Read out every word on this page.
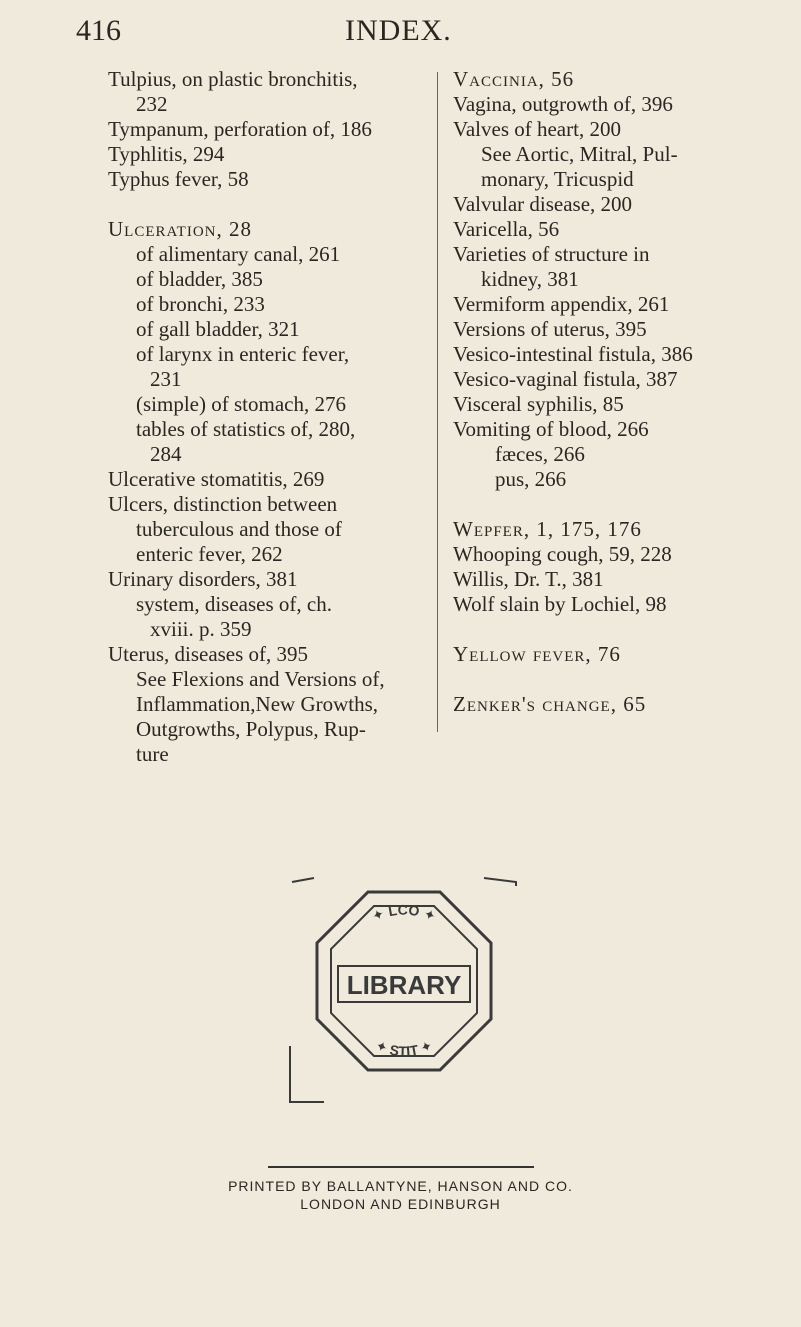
416	INDEX.
Tulpius, on plastic bronchitis,
232
Tympanum, perforation of, 186
Typhlitis, 294
Typhus fever, 58
Ulceration, 28
of alimentary canal, 261
of bladder, 385
of bronchi, 233
of gall bladder, 321
of larynx in enteric fever,
231
(simple) of stomach, 276
tables of statistics of, 280,
284
Ulcerative stomatitis, 269
Ulcers, distinction between
tuberculous and those of
enteric fever, 262
Urinary disorders, 381
system, diseases of, ch.
xviii. p. 359
Uterus, diseases of, 395
See Flexions and Versions of,
Inflammation,New Growths,
Outgrowths, Polypus, Rup-
ture
Vaccinia, 56
Vagina, outgrowth of, 396
Valves of heart, 200
See Aortic, Mitral, Pul-
monary, Tricuspid
Valvular disease, 200
Varicella, 56
Varieties of structure in
kidney, 381
Vermiform appendix, 261
Versions of uterus, 395
Vesico-intestinal fistula, 386
Vesico-vaginal fistula, 387
Visceral syphilis, 85
Vomiting of blood, 266
fæces, 266
pus, 266
Wepfer, 1, 175, 176
Whooping cough, 59, 228
Willis, Dr. T., 381
Wolf slain by Lochiel, 98
Yellow fever, 76
Zenker's change, 65
LIBRARY
✦ LCO ✦
✦ STIT ✦
PRINTED BY BALLANTYNE, HANSON AND CO.
LONDON AND EDINBURGH
